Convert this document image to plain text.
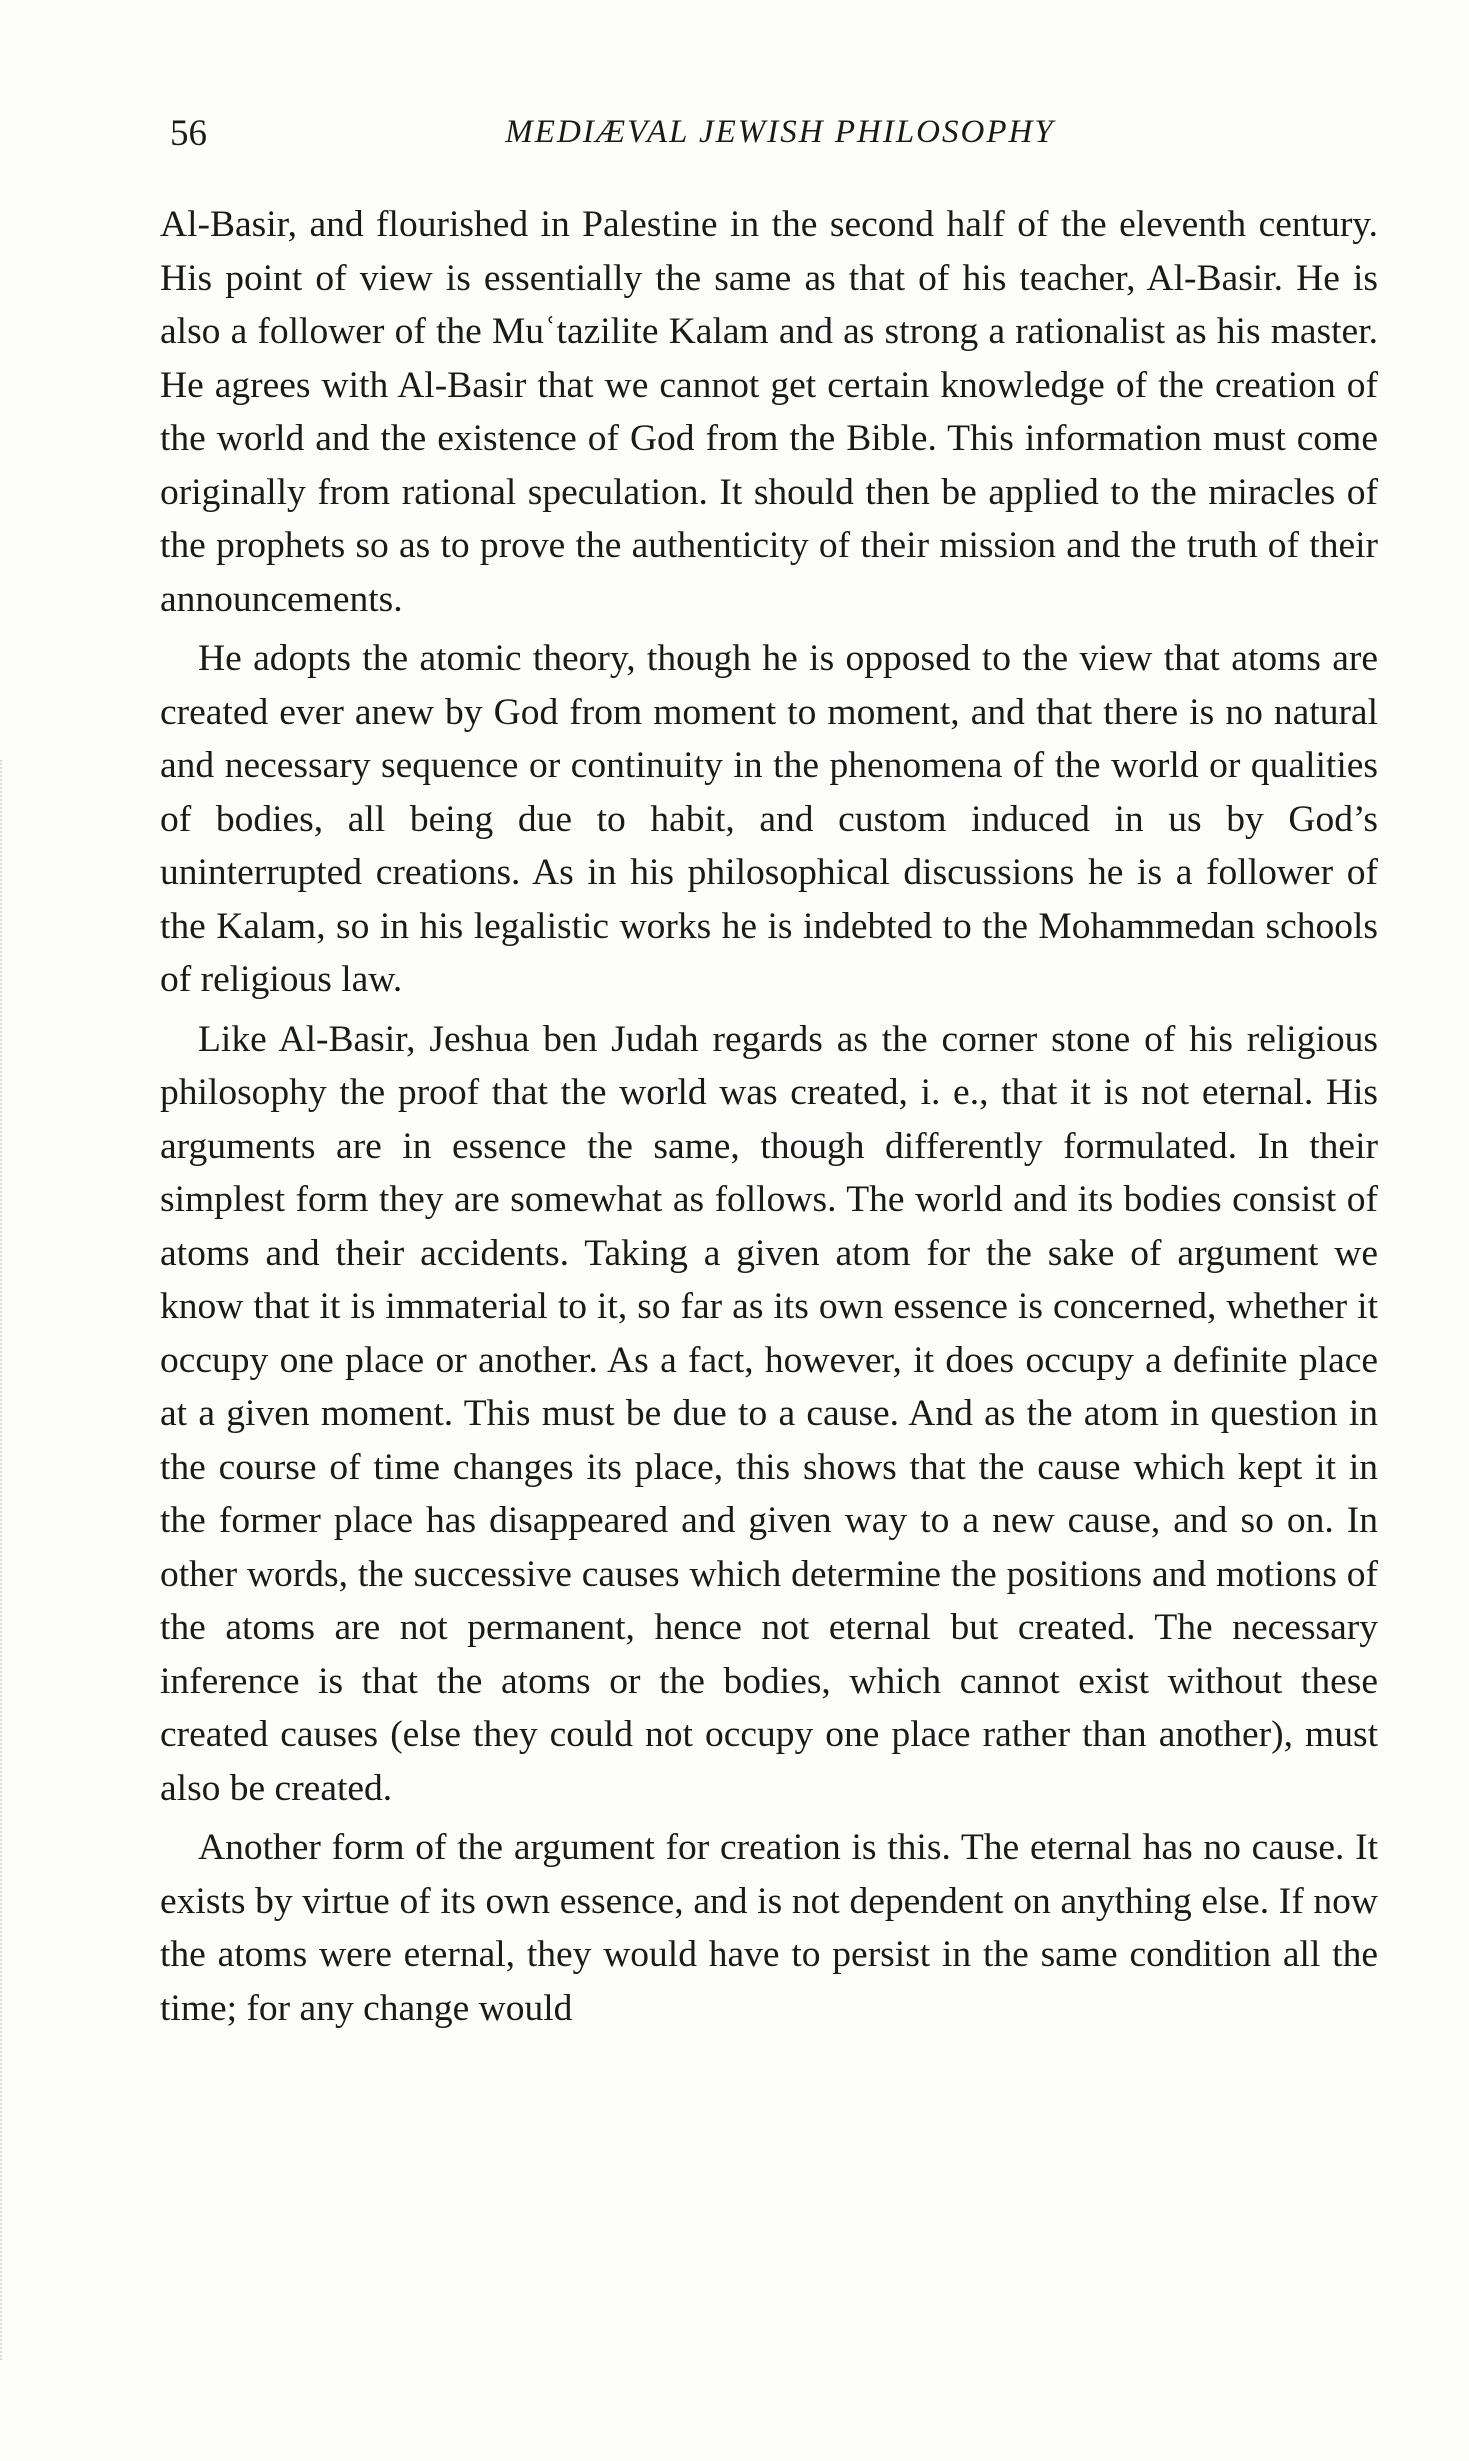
56	MEDIÆVAL JEWISH PHILOSOPHY

Al-Basir, and flourished in Palestine in the second half of the eleventh century. His point of view is essentially the same as that of his teacher, Al-Basir. He is also a follower of the Muʿtazilite Kalam and as strong a rationalist as his master. He agrees with Al-Basir that we cannot get certain knowledge of the creation of the world and the existence of God from the Bible. This information must come originally from rational speculation. It should then be applied to the miracles of the prophets so as to prove the authenticity of their mission and the truth of their announcements.

He adopts the atomic theory, though he is opposed to the view that atoms are created ever anew by God from moment to moment, and that there is no natural and necessary sequence or continuity in the phenomena of the world or qualities of bodies, all being due to habit, and custom induced in us by God’s uninterrupted creations. As in his philosophical discussions he is a follower of the Kalam, so in his legalistic works he is indebted to the Mohammedan schools of religious law.

Like Al-Basir, Jeshua ben Judah regards as the corner stone of his religious philosophy the proof that the world was created, i. e., that it is not eternal. His arguments are in essence the same, though differently formulated. In their simplest form they are somewhat as follows. The world and its bodies consist of atoms and their accidents. Taking a given atom for the sake of argument we know that it is immaterial to it, so far as its own essence is concerned, whether it occupy one place or another. As a fact, however, it does occupy a definite place at a given moment. This must be due to a cause. And as the atom in question in the course of time changes its place, this shows that the cause which kept it in the former place has disappeared and given way to a new cause, and so on. In other words, the successive causes which determine the positions and motions of the atoms are not permanent, hence not eternal but created. The necessary inference is that the atoms or the bodies, which cannot exist without these created causes (else they could not occupy one place rather than another), must also be created.

Another form of the argument for creation is this. The eternal has no cause. It exists by virtue of its own essence, and is not dependent on anything else. If now the atoms were eternal, they would have to persist in the same condition all the time; for any change would
